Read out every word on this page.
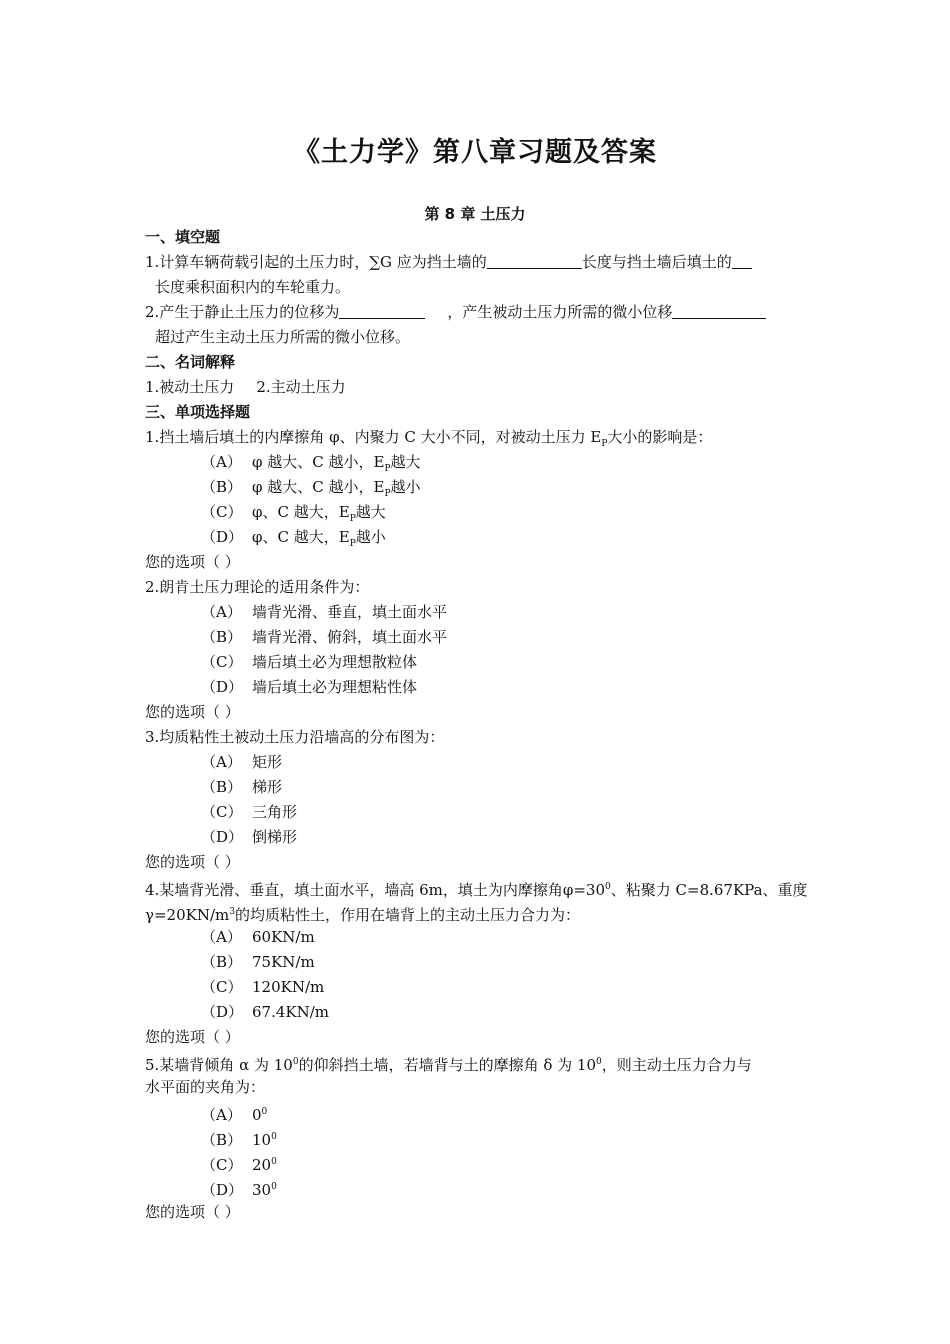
《土力学》第八章习题及答案
第 8 章 土压力
一、填空题
1.计算车辆荷载引起的土压力时，∑G 应为挡土墙的	长度与挡土墙后填土的
长度乘积面积内的车轮重力。
2.产生于静止土压力的位移为	，产生被动土压力所需的微小位移
超过产生主动土压力所需的微小位移。
二、名词解释
1.被动土压力 2.主动土压力
三、单项选择题
1.挡土墙后填土的内摩擦角 φ、内聚力 C 大小不同，对被动土压力 $E_P$大小的影响是：
（A） φ 越大、C 越小，$E_P$越大
（B） φ 越大、C 越小，$E_P$越小
（C） φ、C 越大，$E_P$越大
（D） φ、C 越大，$E_P$越小
您的选项（ ）
2.朗肯土压力理论的适用条件为：
（A） 墙背光滑、垂直，填土面水平
（B） 墙背光滑、俯斜，填土面水平
（C） 墙后填土必为理想散粒体
（D） 墙后填土必为理想粘性体
您的选项（ ）
3.均质粘性土被动土压力沿墙高的分布图为：
（A） 矩形
（B） 梯形
（C） 三角形
（D） 倒梯形
您的选项（ ）
4.某墙背光滑、垂直，填土面水平，墙高 6m，填土为内摩擦角$\varphi=30^0$、粘聚力 C=8.67KPa、重度
$\gamma=20KN/m^3$的均质粘性土，作用在墙背上的主动土压力合力为：
（A） 60KN/m
（B） 75KN/m
（C） 120KN/m
（D） 67.4KN/m
您的选项（ ）
5.某墙背倾角 α 为 $10^0$的仰斜挡土墙，若墙背与土的摩擦角 δ 为 $10^0$，则主动土压力合力与
水平面的夹角为：
（A） $0^0$
（B） $10^0$
（C） $20^0$
（D） $30^0$
您的选项（ ）
